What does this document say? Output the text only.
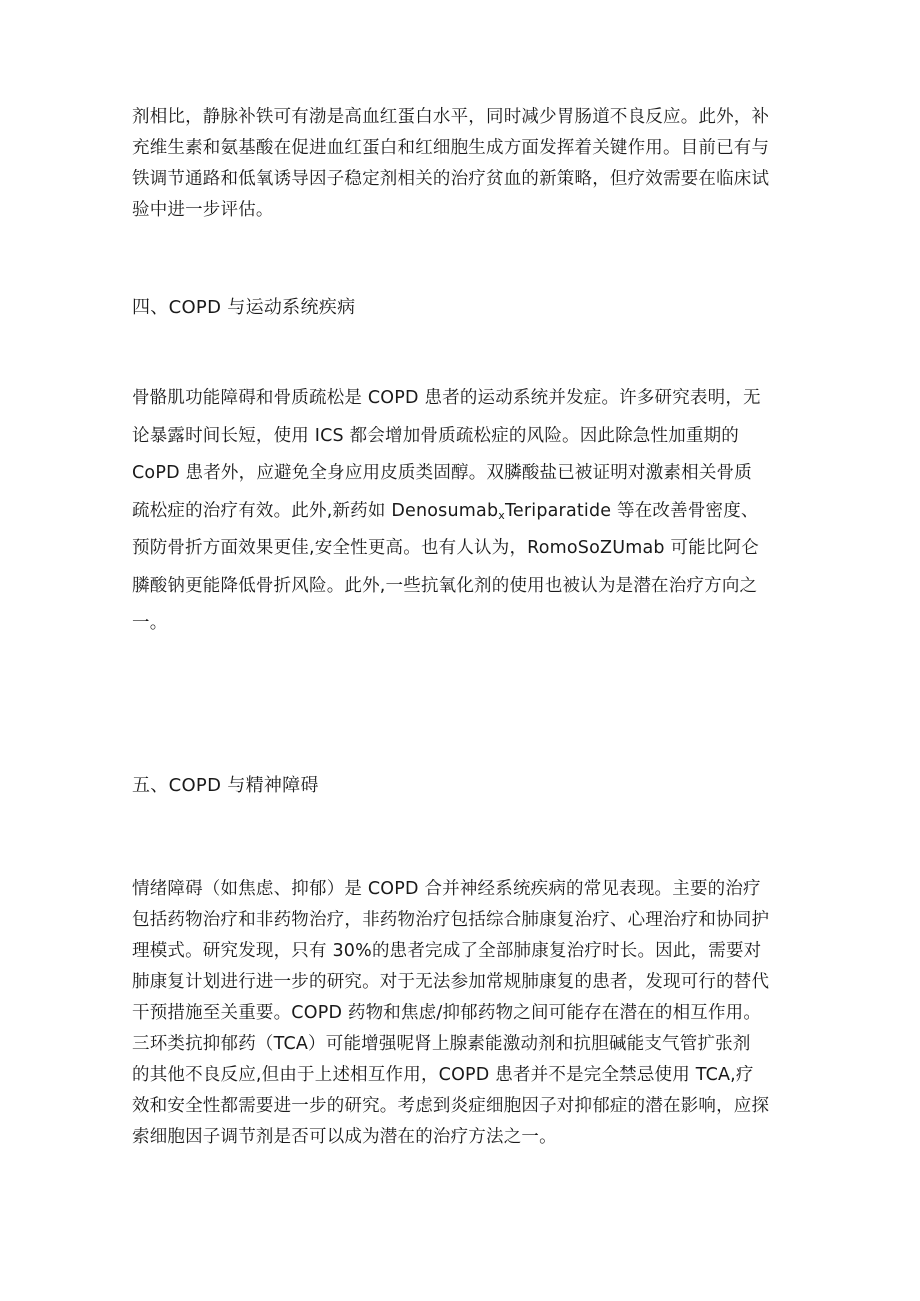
剂相比，静脉补铁可有渤是高血红蛋白水平，同时减少胃肠道不良反应。此外，补
充维生素和氨基酸在促进血红蛋白和红细胞生成方面发挥着关键作用。目前已有与
铁调节通路和低氧诱导因子稳定剂相关的治疗贫血的新策略，但疗效需要在临床试
验中进一步评估。
四、COPD 与运动系统疾病
骨骼肌功能障碍和骨质疏松是 COPD 患者的运动系统并发症。许多研究表明，无
论暴露时间长短，使用 ICS 都会增加骨质疏松症的风险。因此除急性加重期的
CoPD 患者外，应避免全身应用皮质类固醇。双膦酸盐已被证明对激素相关骨质
疏松症的治疗有效。此外,新药如 Denosumab$_x$Teriparatide 等在改善骨密度、
预防骨折方面效果更佳,安全性更高。也有人认为，RomoSoZUmab 可能比阿仑
膦酸钠更能降低骨折风险。此外,一些抗氧化剂的使用也被认为是潜在治疗方向之
一。
五、COPD 与精神障碍
情绪障碍（如焦虑、抑郁）是 COPD 合并神经系统疾病的常见表现。主要的治疗
包括药物治疗和非药物治疗，非药物治疗包括综合肺康复治疗、心理治疗和协同护
理模式。研究发现，只有 30%的患者完成了全部肺康复治疗时长。因此，需要对
肺康复计划进行进一步的研究。对于无法参加常规肺康复的患者，发现可行的替代
干预措施至关重要。COPD 药物和焦虑/抑郁药物之间可能存在潜在的相互作用。
三环类抗抑郁药（TCA）可能增强呢肾上腺素能激动剂和抗胆碱能支气管扩张剂
的其他不良反应,但由于上述相互作用，COPD 患者并不是完全禁忌使用 TCA,疗
效和安全性都需要进一步的研究。考虑到炎症细胞因子对抑郁症的潜在影响，应探
索细胞因子调节剂是否可以成为潜在的治疗方法之一。
